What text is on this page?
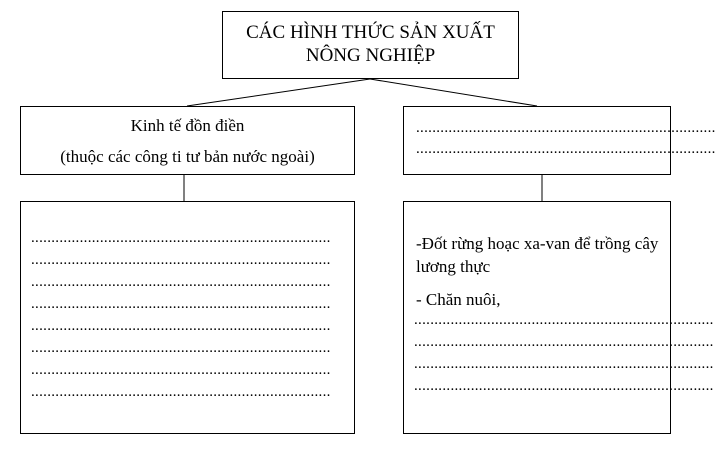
CÁC HÌNH THỨC SẢN XUẤT
NÔNG NGHIỆP
Kinh tế đồn điền
(thuộc các công ti tư bản nước ngoài)
..........................................................................
..........................................................................
..........................................................................
..........................................................................
..........................................................................
..........................................................................
..........................................................................
..........................................................................
..........................................................................
..........................................................................
-Đốt rừng hoạc xa-van để trồng cây lương thực
- Chăn nuôi,
..........................................................................
..........................................................................
..........................................................................
..........................................................................
